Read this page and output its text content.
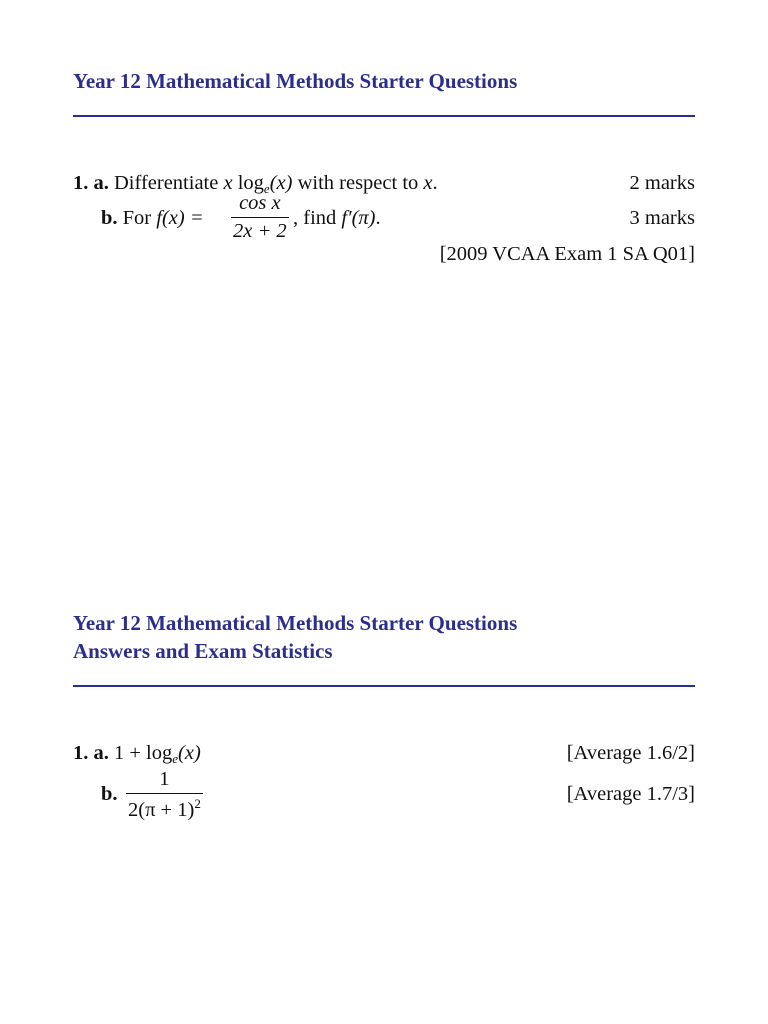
Year 12 Mathematical Methods Starter Questions
1. a. Differentiate x $\log_e(x)$ with respect to x.	2 marks
b. For $f(x) = \frac{\text{cos x}}{2x + 2}$ , find f′(π).	3 marks
[2009 VCAA Exam 1 SA Q01]
Year 12 Mathematical Methods Starter Questions
Answers and Exam Statistics
1. a. $1 + \log_e(x)$	[Average 1.6/2]
b. $\frac{1}{2(\pi + 1)^2}$	[Average 1.7/3]
